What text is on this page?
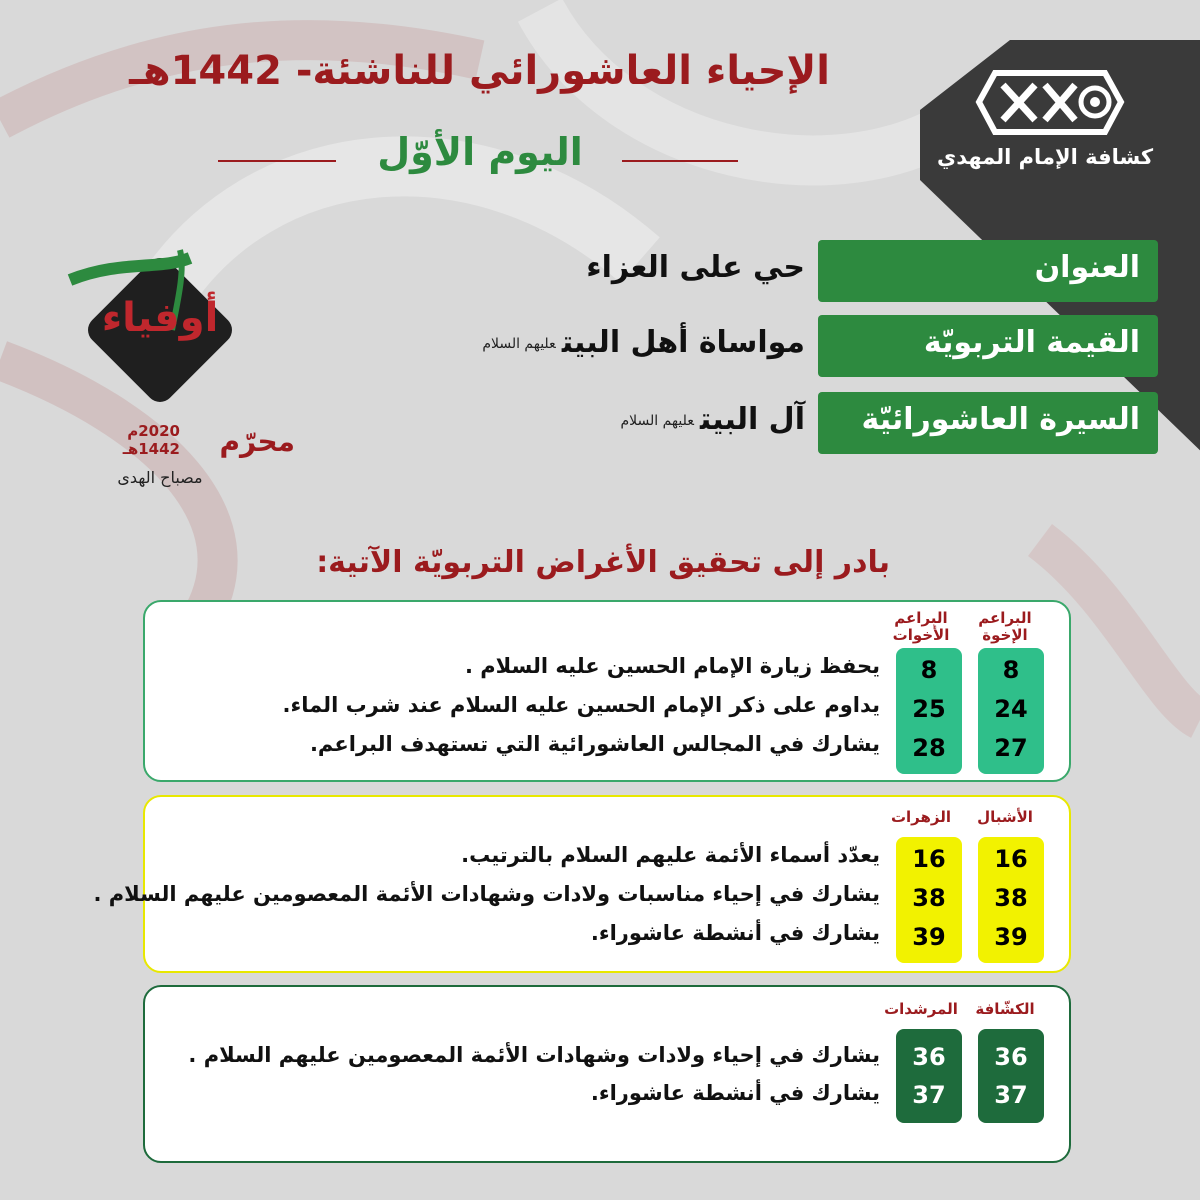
كشافة الإمام المهدي
الإحياء العاشورائي للناشئة- 1442هـ
اليوم الأوّل
أوفياء
محرّم
2020م
1442هـ
مصباح الهدى
العنوان
حي على العزاء
القيمة التربويّة
مواساة أهل البيتعليهم السلام
السيرة العاشورائيّة
آل البيتعليهم السلام
بادر إلى تحقيق الأغراض التربويّة الآتية:
البراعم الإخوة
البراعم الأخوات
8
24
27
8
25
28
يحفظ زيارة الإمام الحسين عليه السلام .
يداوم على ذكر الإمام الحسين عليه السلام عند شرب الماء.
يشارك في المجالس العاشورائية التي تستهدف البراعم.
الأشبال
الزهرات
16
38
39
16
38
39
يعدّد أسماء الأئمة عليهم السلام بالترتيب.
يشارك في إحياء مناسبات ولادات وشهادات الأئمة المعصومين عليهم السلام .
يشارك في أنشطة عاشوراء.
الكشّافة
المرشدات
36
37
36
37
يشارك في إحياء ولادات وشهادات الأئمة المعصومين عليهم السلام .
يشارك في أنشطة عاشوراء.
